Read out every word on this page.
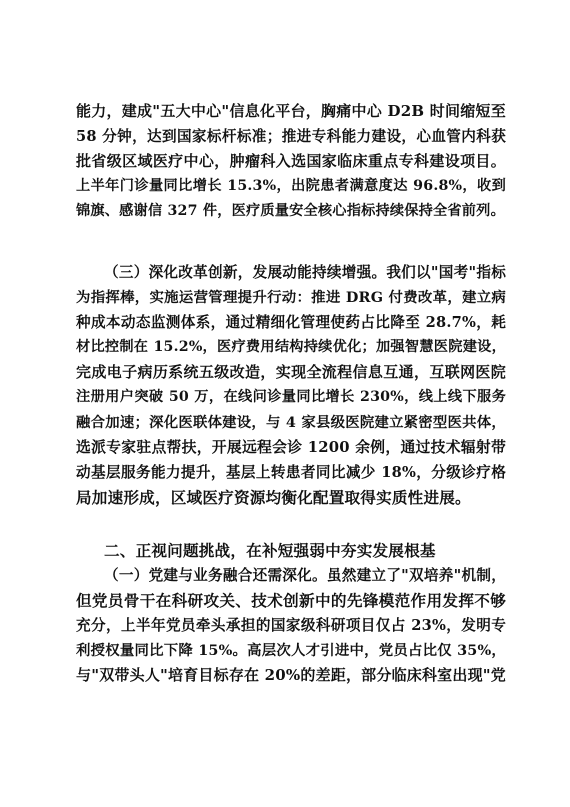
能力，建成"五大中心"信息化平台，胸痛中心 D2B 时间缩短至
58 分钟，达到国家标杆标准；推进专科能力建设，心血管内科获
批省级区域医疗中心，肿瘤科入选国家临床重点专科建设项目。
上半年门诊量同比增长 15.3%，出院患者满意度达 96.8%，收到
锦旗、感谢信 327 件，医疗质量安全核心指标持续保持全省前列。
（三）深化改革创新，发展动能持续增强。我们以"国考"指标
为指挥棒，实施运营管理提升行动：推进 DRG 付费改革，建立病
种成本动态监测体系，通过精细化管理使药占比降至 28.7%，耗
材比控制在 15.2%，医疗费用结构持续优化；加强智慧医院建设，
完成电子病历系统五级改造，实现全流程信息互通，互联网医院
注册用户突破 50 万，在线问诊量同比增长 230%，线上线下服务
融合加速；深化医联体建设，与 4 家县级医院建立紧密型医共体，
选派专家驻点帮扶，开展远程会诊 1200 余例，通过技术辐射带
动基层服务能力提升，基层上转患者同比减少 18%，分级诊疗格
局加速形成，区域医疗资源均衡化配置取得实质性进展。
二、正视问题挑战，在补短强弱中夯实发展根基
（一）党建与业务融合还需深化。虽然建立了"双培养"机制，
但党员骨干在科研攻关、技术创新中的先锋模范作用发挥不够
充分，上半年党员牵头承担的国家级科研项目仅占 23%，发明专
利授权量同比下降 15%。高层次人才引进中，党员占比仅 35%，
与"双带头人"培育目标存在 20%的差距，部分临床科室出现"党
